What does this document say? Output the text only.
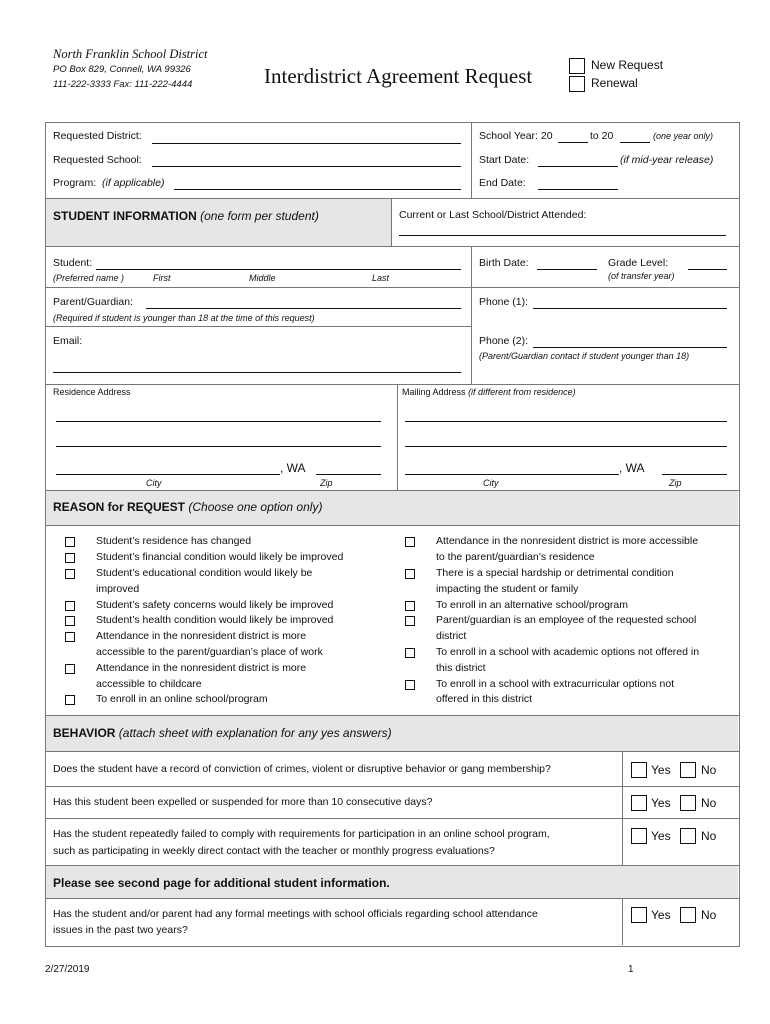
North Franklin School District
PO Box 829, Connell, WA 99326
111-222-3333 Fax: 111-222-4444	Interdistrict Agreement Request	New Request
Renewal
Requested District:
Requested School:
Program: (if applicable)
School Year: 20	to 20	(one year only)
Start Date:	(if mid-year release)
End Date:
STUDENT INFORMATION (one form per student)	Current or Last School/District Attended:
Student:
(Preferred name )	First	Middle	Last
Birth Date:	Grade Level:
(of transfer year)
Parent/Guardian:
(Required if student is younger than 18 at the time of this request)
Phone (1):
Email:	Phone (2):
(Parent/Guardian contact if student younger than 18)
Residence Address
, WA
City	Zip
Mailing Address (if different from residence)
, WA
City	Zip
REASON for REQUEST (Choose one option only)
Student’s residence has changed
Student’s financial condition would likely be improved
Student’s educational condition would likely be
improved
Student’s safety concerns would likely be improved
Student’s health condition would likely be improved
Attendance in the nonresident district is more
accessible to the parent/guardian’s place of work
Attendance in the nonresident district is more
accessible to childcare
To enroll in an online school/program
Attendance in the nonresident district is more accessible
to the parent/guardian’s residence
There is a special hardship or detrimental condition
impacting the student or family
To enroll in an alternative school/program
Parent/guardian is an employee of the requested school
district
To enroll in a school with academic options not offered in
this district
To enroll in a school with extracurricular options not
offered in this district
BEHAVIOR (attach sheet with explanation for any yes answers)
Does the student have a record of conviction of crimes, violent or disruptive behavior or gang membership?	Yes	No
Has this student been expelled or suspended for more than 10 consecutive days?	Yes	No
Has the student repeatedly failed to comply with requirements for participation in an online school program,
such as participating in weekly direct contact with the teacher or monthly progress evaluations?
Yes	No
Please see second page for additional student information.
Has the student and/or parent had any formal meetings with school officials regarding school attendance
issues in the past two years?
Yes	No
2/27/2019	1
